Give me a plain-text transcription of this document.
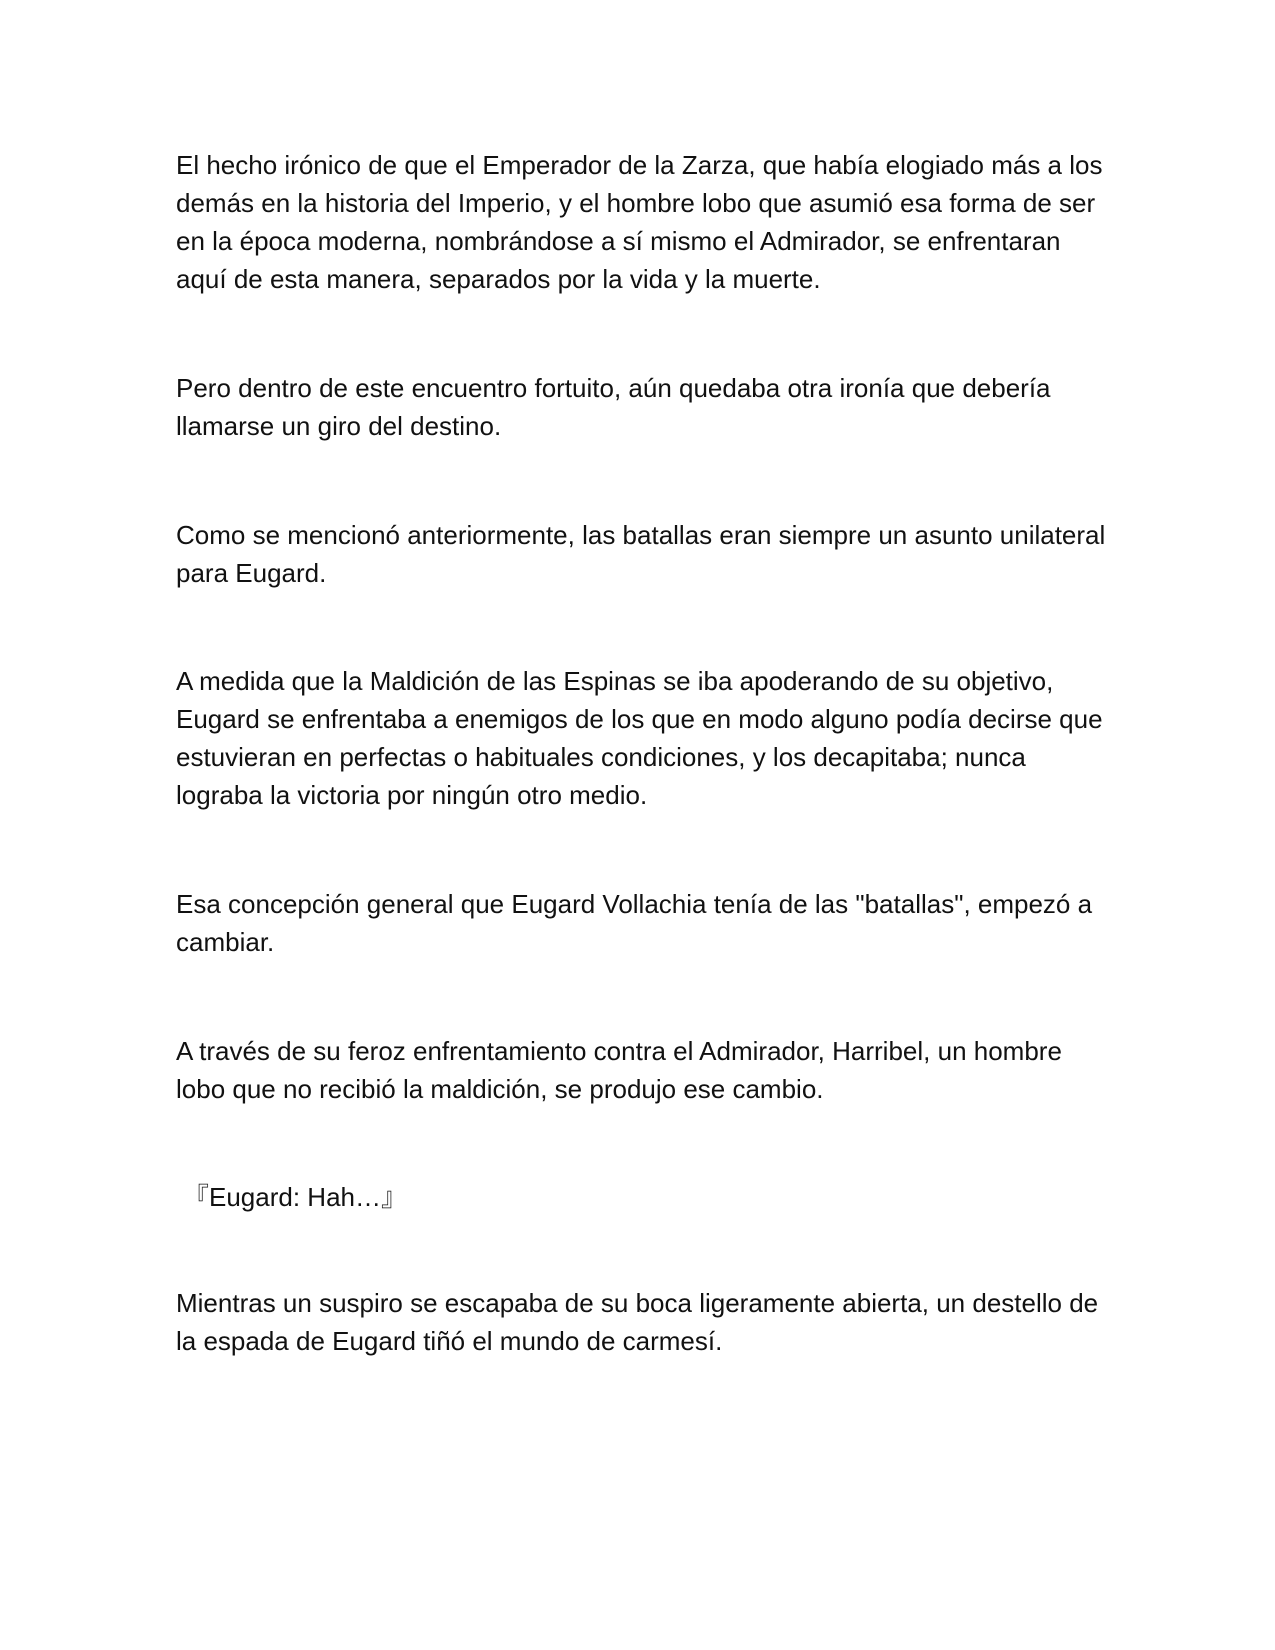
El hecho irónico de que el Emperador de la Zarza, que había elogiado más a los demás en la historia del Imperio, y el hombre lobo que asumió esa forma de ser en la época moderna, nombrándose a sí mismo el Admirador, se enfrentaran aquí de esta manera, separados por la vida y la muerte.

Pero dentro de este encuentro fortuito, aún quedaba otra ironía que debería llamarse un giro del destino.

Como se mencionó anteriormente, las batallas eran siempre un asunto unilateral para Eugard.

A medida que la Maldición de las Espinas se iba apoderando de su objetivo, Eugard se enfrentaba a enemigos de los que en modo alguno podía decirse que estuvieran en perfectas o habituales condiciones, y los decapitaba; nunca lograba la victoria por ningún otro medio.

Esa concepción general que Eugard Vollachia tenía de las "batallas", empezó a cambiar.

A través de su feroz enfrentamiento contra el Admirador, Harribel, un hombre lobo que no recibió la maldición, se produjo ese cambio.

『Eugard: Hah…』

Mientras un suspiro se escapaba de su boca ligeramente abierta, un destello de la espada de Eugard tiñó el mundo de carmesí.
